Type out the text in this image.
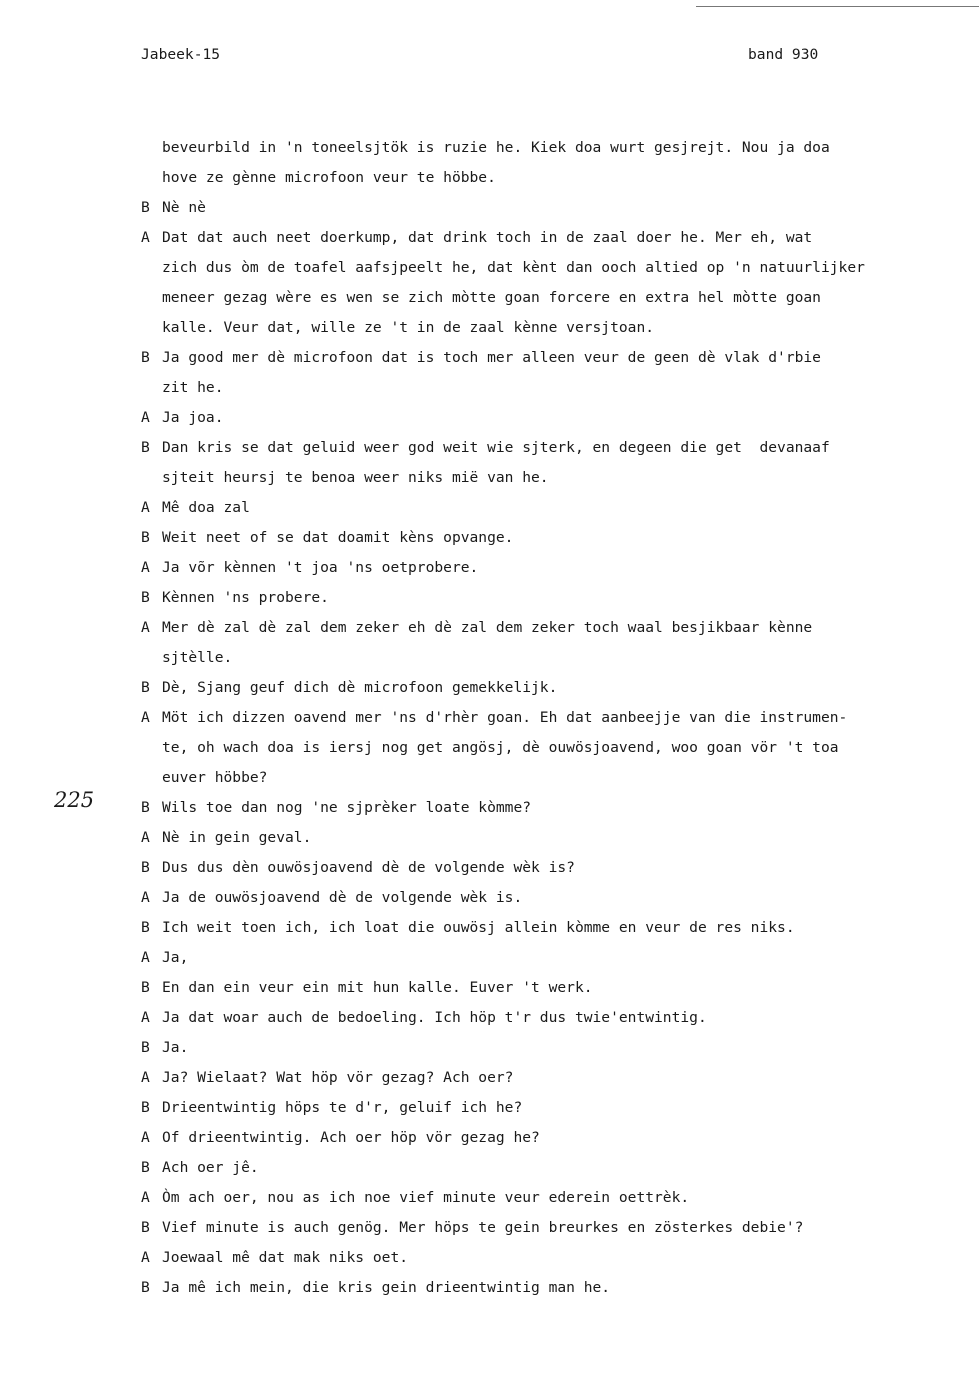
Jabeek-15	band 930
225
beveurbild in 'n toneelsjtök is ruzie he. Kiek doa wurt gesjrejt. Nou ja doa
hove ze gènne microfoon veur te höbbe.
B Nè nè
A Dat dat auch neet doerkump, dat drink toch in de zaal doer he. Mer eh, wat
zich dus òm de toafel aafsjpeelt he, dat kènt dan ooch altied op 'n natuurlijker
meneer gezag wère es wen se zich mòtte goan forcere en extra hel mòtte goan
kalle. Veur dat, wille ze 't in de zaal kènne versjtoan.
B Ja good mer dè microfoon dat is toch mer alleen veur de geen dè vlak d'rbie
zit he.
A Ja joa.
B Dan kris se dat geluid weer god weit wie sjterk, en degeen die get  devanaaf
sjteit heursj te benoa weer niks mië van he.
A Mê doa zal
B Weit neet of se dat doamit kèns opvange.
A Ja võr kènnen 't joa 'ns oetprobere.
B Kènnen 'ns probere.
A Mer dè zal dè zal dem zeker eh dè zal dem zeker toch waal besjikbaar kènne
sjtèlle.
B Dè, Sjang geuf dich dè microfoon gemekkelijk.
A Möt ich dizzen oavend mer 'ns d'rhèr goan. Eh dat aanbeejje van die instrumen-
te, oh wach doa is iersj nog get angösj, dè ouwösjoavend, woo goan vör 't toa
euver höbbe?
B Wils toe dan nog 'ne sjprèker loate kòmme?
A Nè in gein geval.
B Dus dus dèn ouwösjoavend dè de volgende wèk is?
A Ja de ouwösjoavend dè de volgende wèk is.
B Ich weit toen ich, ich loat die ouwösj allein kòmme en veur de res niks.
A Ja,
B En dan ein veur ein mit hun kalle. Euver 't werk.
A Ja dat woar auch de bedoeling. Ich höp t'r dus twie'entwintig.
B Ja.
A Ja? Wielaat? Wat höp vör gezag? Ach oer?
B Drieentwintig höps te d'r, geluif ich he?
A Of drieentwintig. Ach oer höp vör gezag he?
B Ach oer jê.
A Òm ach oer, nou as ich noe vief minute veur ederein oettrèk.
B Vief minute is auch genög. Mer höps te gein breurkes en zösterkes debie'?
A Joewaal mê dat mak niks oet.
B Ja mê ich mein, die kris gein drieentwintig man he.
